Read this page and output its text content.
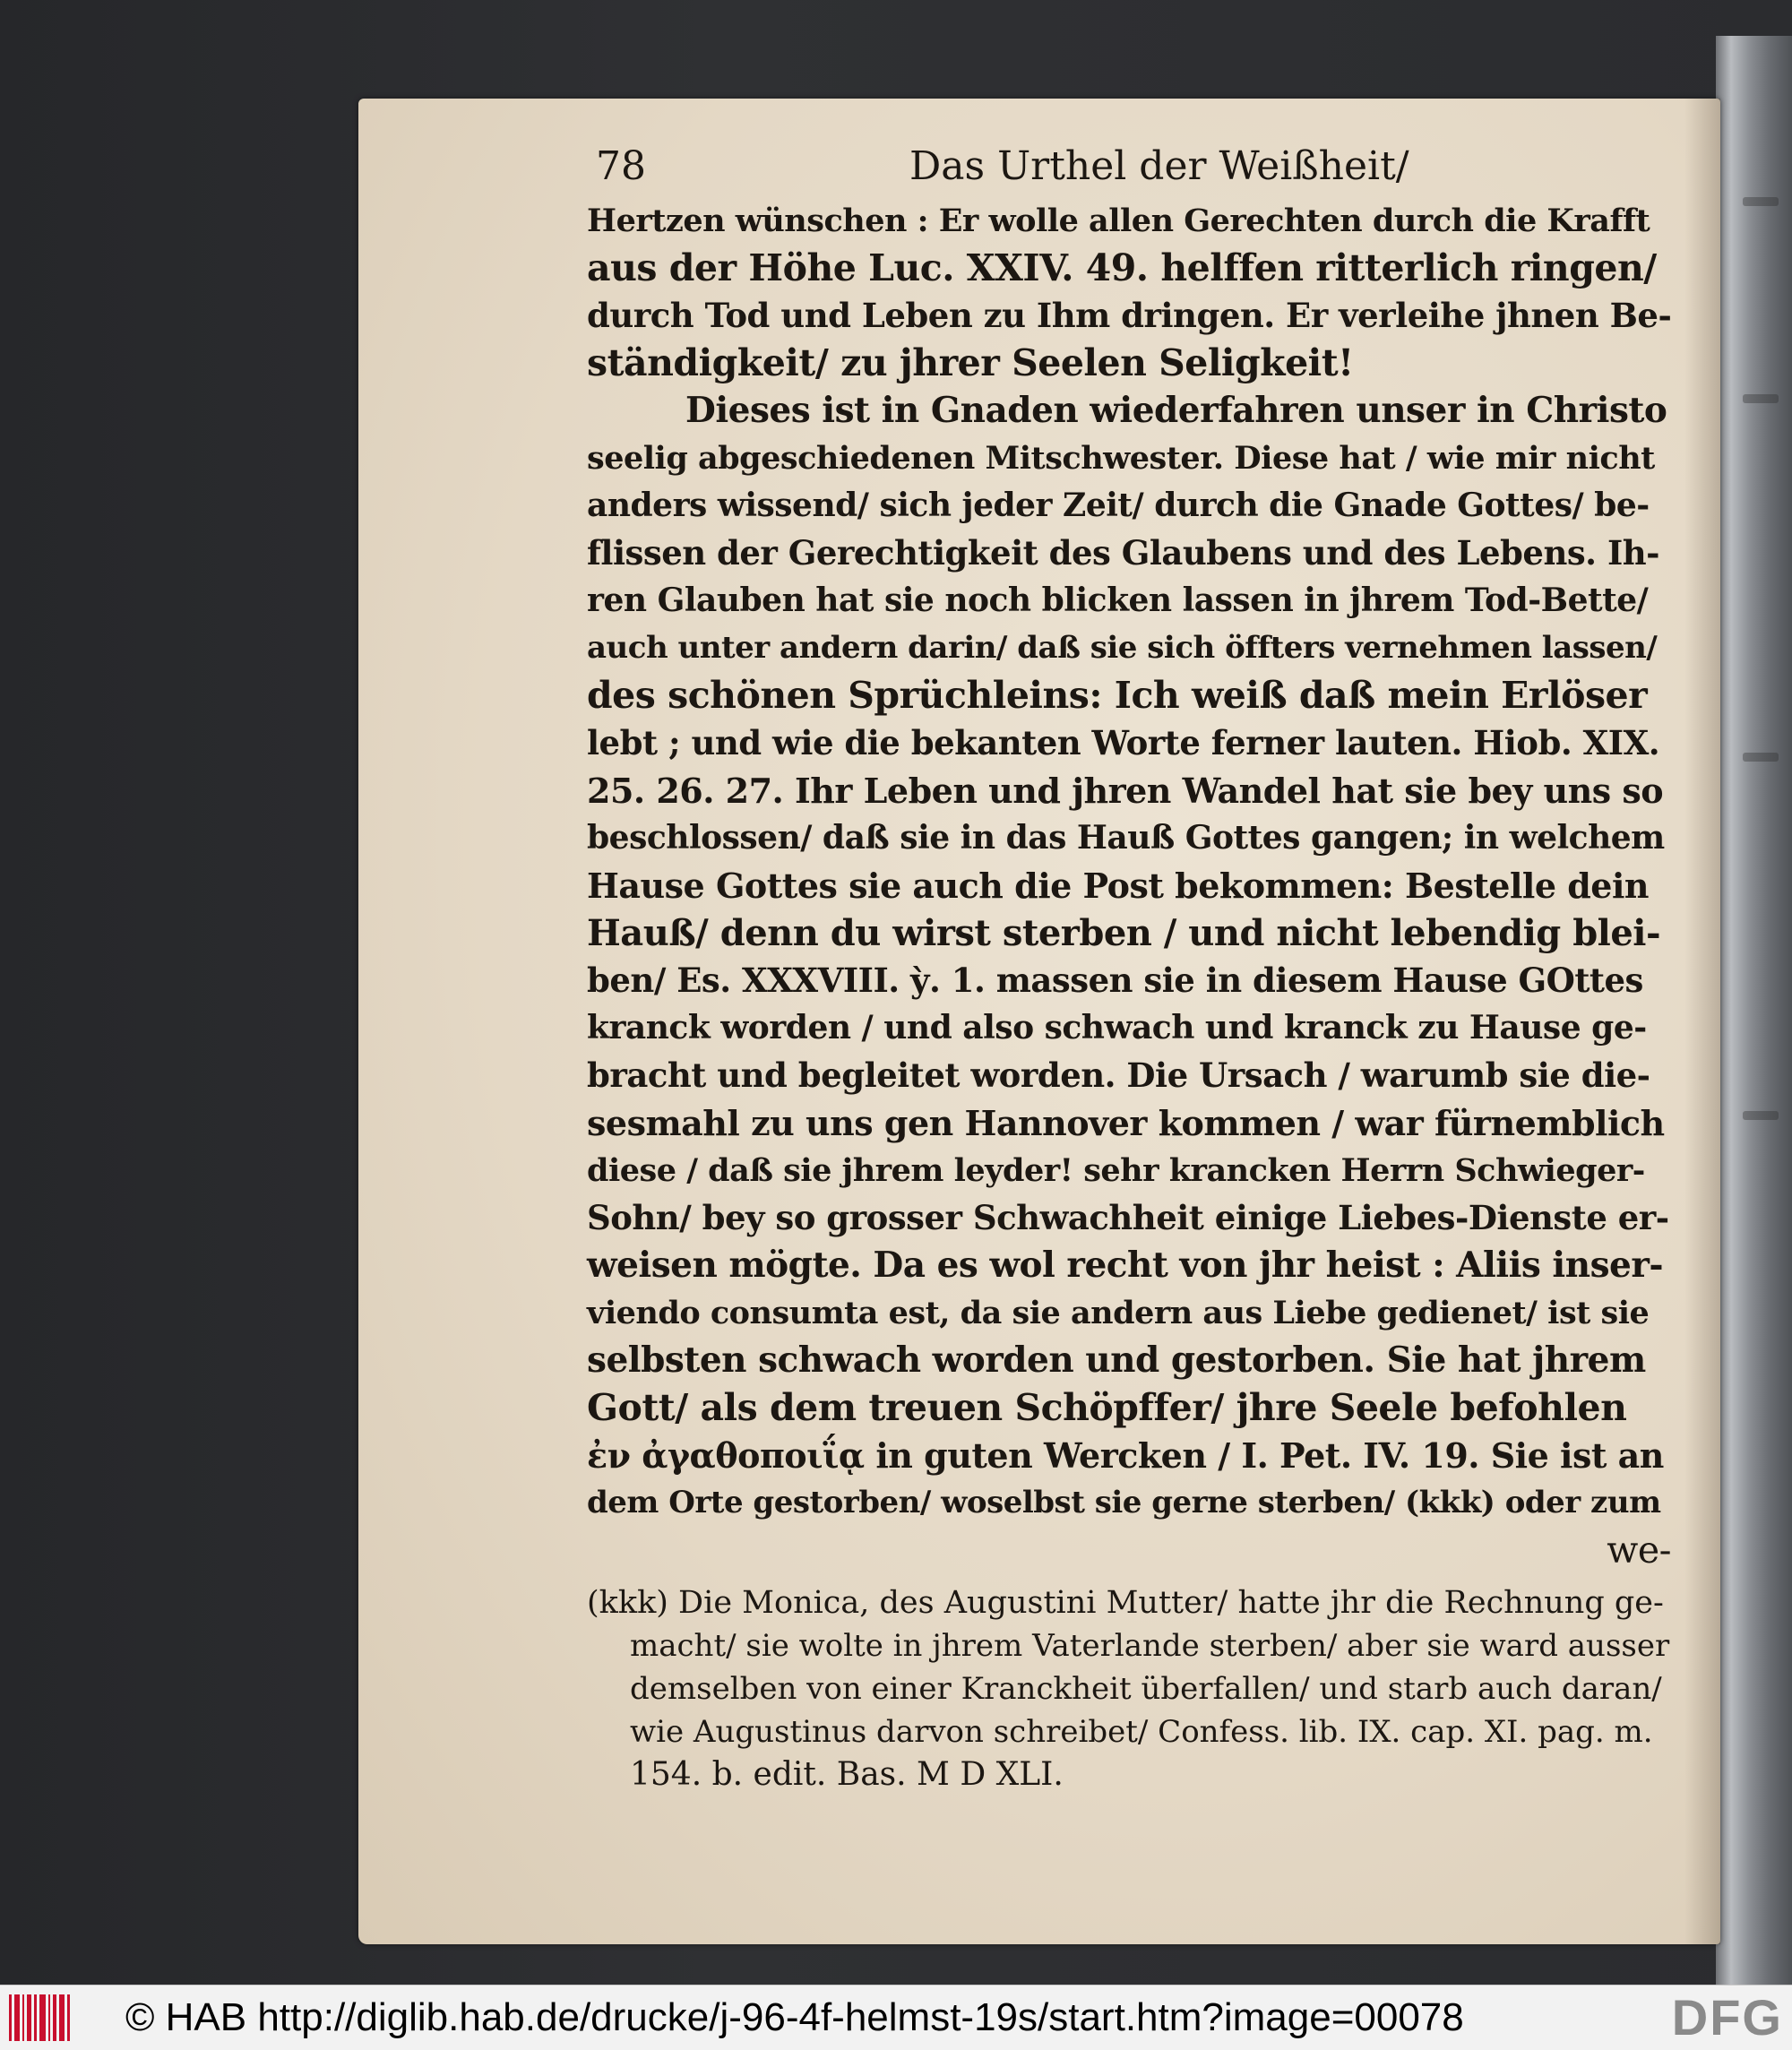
78	Das Urthel der Weißheit/
Hertzen wünschen : Er wolle allen Gerechten durch die Krafft
aus der Höhe Luc. XXIV. 49. helffen ritterlich ringen/
durch Tod und Leben zu Ihm dringen. Er verleihe jhnen Be-
ständigkeit/ zu jhrer Seelen Seligkeit!
Dieses ist in Gnaden wiederfahren unser in Christo
seelig abgeschiedenen Mitschwester. Diese hat / wie mir nicht
anders wissend/ sich jeder Zeit/ durch die Gnade Gottes/ be-
flissen der Gerechtigkeit des Glaubens und des Lebens. Ih-
ren Glauben hat sie noch blicken lassen in jhrem Tod-Bette/
auch unter andern darin/ daß sie sich öffters vernehmen lassen/
des schönen Sprüchleins: Ich weiß daß mein Erlöser
lebt ; und wie die bekanten Worte ferner lauten. Hiob. XIX.
25. 26. 27. Ihr Leben und jhren Wandel hat sie bey uns so
beschlossen/ daß sie in das Hauß Gottes gangen; in welchem
Hause Gottes sie auch die Post bekommen: Bestelle dein
Hauß/ denn du wirst sterben / und nicht lebendig blei-
ben/ Es. XXXVIII. ỳ. 1. massen sie in diesem Hause GOttes
kranck worden / und also schwach und kranck zu Hause ge-
bracht und begleitet worden. Die Ursach / warumb sie die-
sesmahl zu uns gen Hannover kommen / war fürnemblich
diese / daß sie jhrem leyder! sehr krancken Herrn Schwieger-
Sohn/ bey so grosser Schwachheit einige Liebes-Dienste er-
weisen mögte. Da es wol recht von jhr heist : Aliis inser-
viendo consumta est, da sie andern aus Liebe gedienet/ ist sie
selbsten schwach worden und gestorben. Sie hat jhrem
Gott/ als dem treuen Schöpffer/ jhre Seele befohlen
ἐν ἀγαθοποιΐᾳ in guten Wercken / I. Pet. IV. 19. Sie ist an
dem Orte gestorben/ woselbst sie gerne sterben/ (kkk) oder zum
we-
(kkk) Die Monica, des Augustini Mutter/ hatte jhr die Rechnung ge-
macht/ sie wolte in jhrem Vaterlande sterben/ aber sie ward ausser
demselben von einer Kranckheit überfallen/ und starb auch daran/
wie Augustinus darvon schreibet/ Confess. lib. IX. cap. XI. pag. m.
154. b. edit. Bas. M D XLI.
© HAB http://diglib.hab.de/drucke/j-96-4f-helmst-19s/start.htm?image=00078	DFG
